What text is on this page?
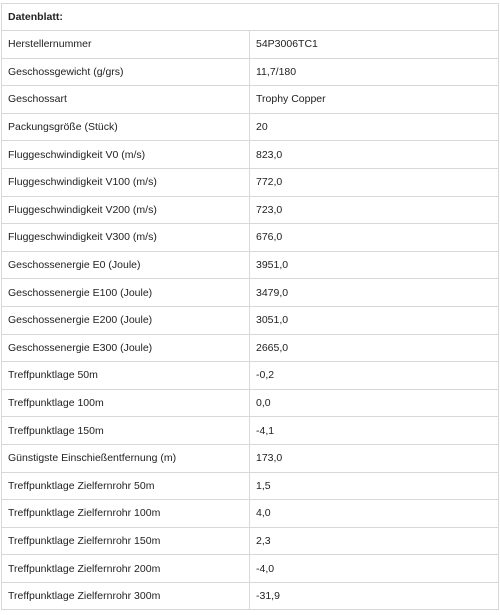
Datenblatt:	
Herstellernummer	54P3006TC1
Geschossgewicht (g/grs)	11,7/180
Geschossart	Trophy Copper
Packungsgröße (Stück)	20
Fluggeschwindigkeit V0 (m/s)	823,0
Fluggeschwindigkeit V100 (m/s)	772,0
Fluggeschwindigkeit V200 (m/s)	723,0
Fluggeschwindigkeit V300 (m/s)	676,0
Geschossenergie E0 (Joule)	3951,0
Geschossenergie E100 (Joule)	3479,0
Geschossenergie E200 (Joule)	3051,0
Geschossenergie E300 (Joule)	2665,0
Treffpunktlage 50m	-0,2
Treffpunktlage 100m	0,0
Treffpunktlage 150m	-4,1
Günstigste Einschießentfernung (m)	173,0
Treffpunktlage Zielfernrohr 50m	1,5
Treffpunktlage Zielfernrohr 100m	4,0
Treffpunktlage Zielfernrohr 150m	2,3
Treffpunktlage Zielfernrohr 200m	-4,0
Treffpunktlage Zielfernrohr 300m	-31,9
